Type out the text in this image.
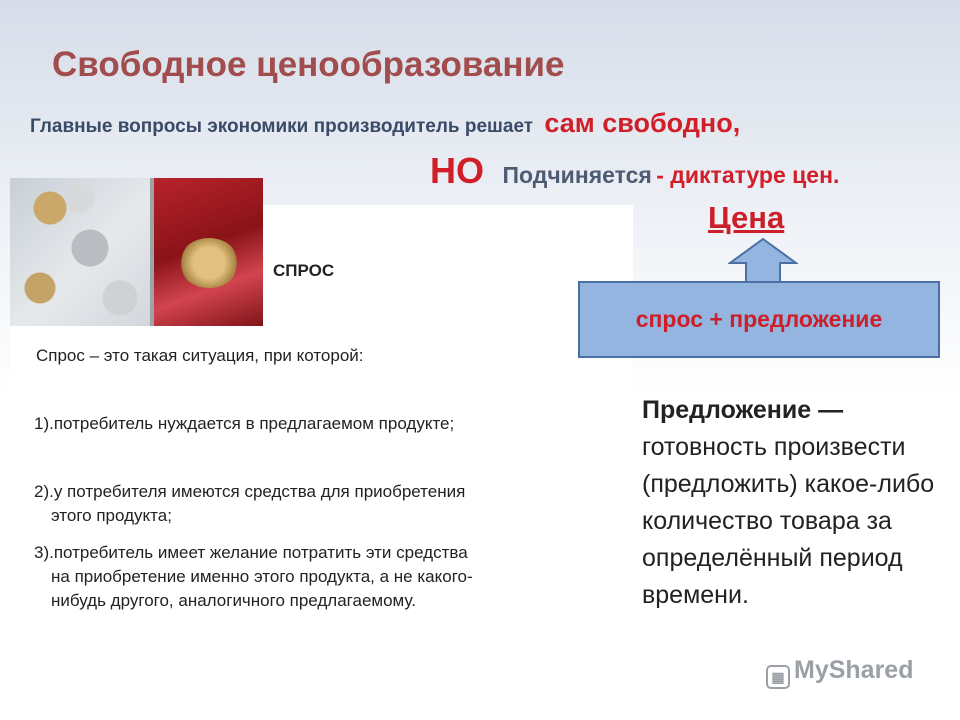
Свободное ценообразование
Главные вопросы экономики производитель решает сам свободно,
НО Подчиняется - диктатуре цен.
СПРОС
Спрос – это такая ситуация, при которой:
1).потребитель нуждается в предлагаемом продукте;
2).у потребителя имеются средства для приобретения
этого продукта;
3).потребитель имеет желание потратить эти средства
на приобретение именно этого продукта, а не какого-
нибудь другого, аналогичного предлагаемому.
Цена
спрос + предложение
Предложение — готовность произвести (предложить) какое-либо количество товара за определённый период времени.
▦ MyShared
